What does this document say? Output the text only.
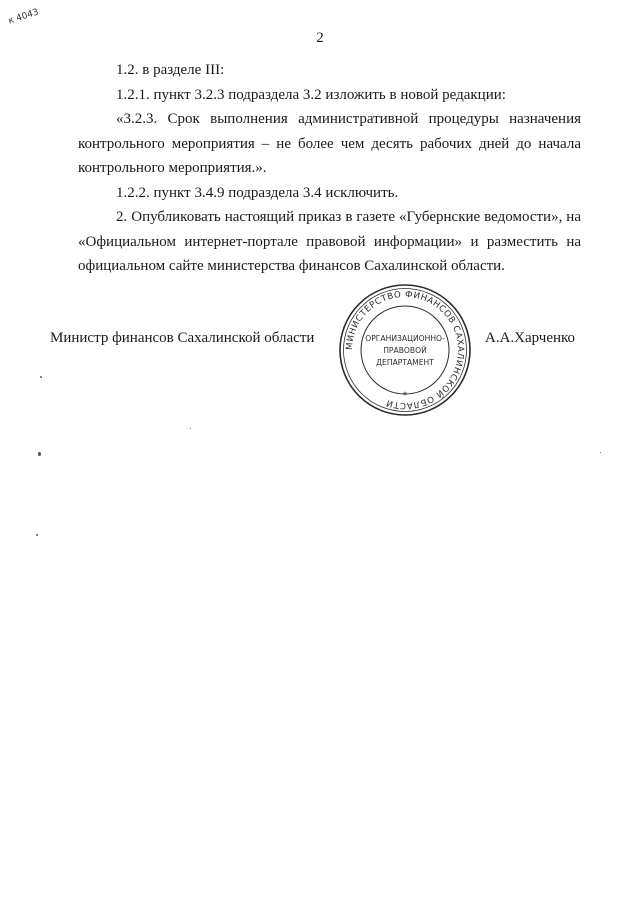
к 4043
2

1.2. в разделе III:

1.2.1. пункт 3.2.3 подраздела 3.2 изложить в новой редакции:

«3.2.3. Срок выполнения административной процедуры назначения контрольного мероприятия – не более чем десять рабочих дней до начала контрольного мероприятия.».

1.2.2. пункт 3.4.9 подраздела 3.4 исключить.

2. Опубликовать настоящий приказ в газете «Губернские ведомости», на «Официальном интернет-портале правовой информации» и разместить на официальном сайте министерства финансов Сахалинской области.

Министр финансов Сахалинской области	А.А.Харченко
МИНИСТЕРСТВО ФИНАНСОВ САХАЛИНСКОЙ ОБЛАСТИ
*
ОРГАНИЗАЦИОННО-
ПРАВОВОЙ
ДЕПАРТАМЕНТ
